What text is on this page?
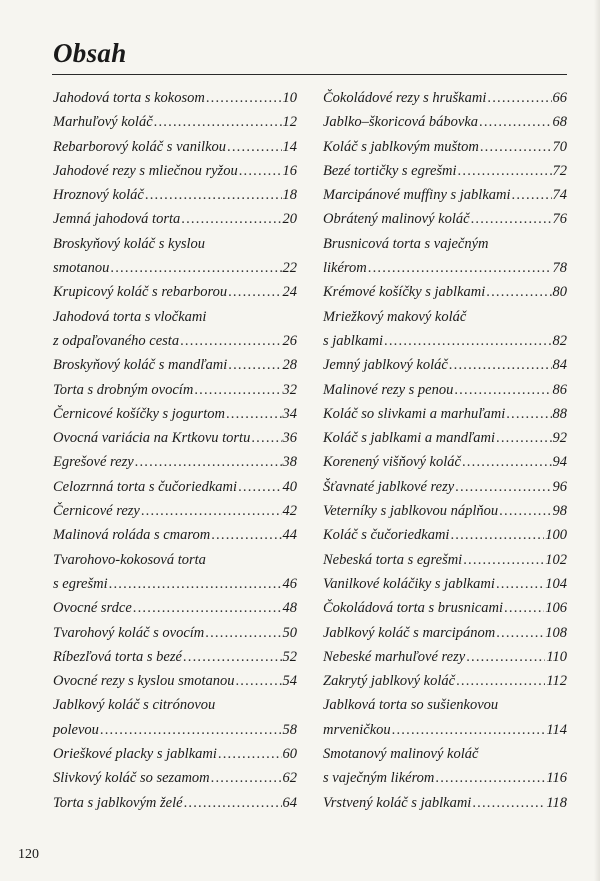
Obsah
Jahodová torta s kokosom .....	10
Marhuľový koláč .....	12
Rebarborový koláč s vanilkou .....	14
Jahodové rezy s mliečnou ryžou .....	16
Hroznový koláč .....	18
Jemná jahodová torta .....	20
Broskyňový koláč s kyslou
smotanou .....	22
Krupicový koláč s rebarborou .....	24
Jahodová torta s vločkami
z odpaľovaného cesta .....	26
Broskyňový koláč s mandľami .....	28
Torta s drobným ovocím .....	32
Černicové košíčky s jogurtom .....	34
Ovocná variácia na Krtkovu tortu ..... 36
Egrešové rezy .....	38
Celozrnná torta s čučoriedkami .....	40
Černicové rezy .....	42
Malinová roláda s cmarom .....	44
Tvarohovo-kokosová torta
s egrešmi .....	46
Ovocné srdce .....	48
Tvarohový koláč s ovocím .....	50
Ríbezľová torta s bezé .....	52
Ovocné rezy s kyslou smotanou .....	54
Jablkový koláč s citrónovou
polevou .....	58
Orieškové placky s jablkami .....	60
Slivkový koláč so sezamom .....	62
Torta s jablkovým želé .....	64
Čokoládové rezy s hruškami .....	66
Jablko–škoricová bábovka .....	68
Koláč s jablkovým muštom .....	70
Bezé tortičky s egrešmi .....	72
Marcipánové muffiny s jablkami .....	74
Obrátený malinový koláč .....	76
Brusnicová torta s vaječným
likérom .....	78
Krémové košíčky s jablkami .....	80
Mriežkový makový koláč
s jablkami .....	82
Jemný jablkový koláč .....	84
Malinové rezy s penou .....	86
Koláč so slivkami a marhuľami .....	88
Koláč s jablkami a mandľami .....	92
Korenený višňový koláč .....	94
Šťavnaté jablkové rezy .....	96
Veterníky s jablkovou náplňou .....	98
Koláč s čučoriedkami .....	100
Nebeská torta s egrešmi .....	102
Vanilkové koláčiky s jablkami .....	104
Čokoládová torta s brusnicami .....	106
Jablkový koláč s marcipánom .....	108
Nebeské marhuľové rezy .....	110
Zakrytý jablkový koláč .....	112
Jablková torta so sušienkovou
mrveničkou .....	114
Smotanový malinový koláč
s vaječným likérom .....	116
Vrstvený koláč s jablkami .....	118
120
